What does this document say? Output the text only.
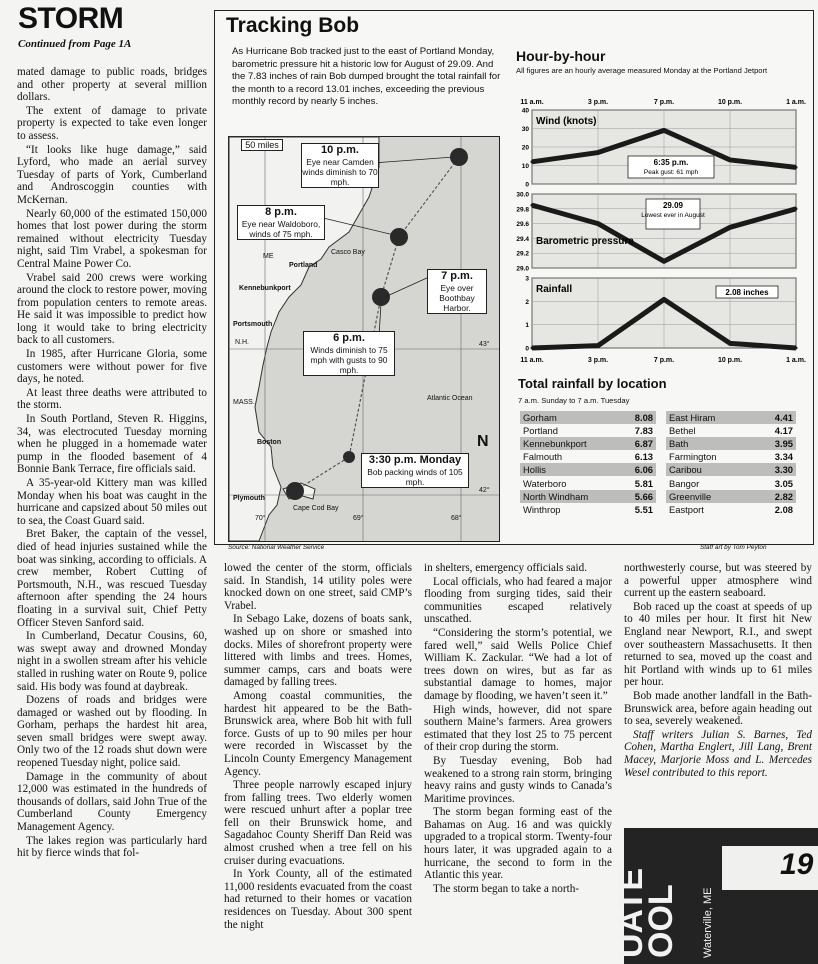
STORM
Continued from Page 1A

mated damage to public roads, bridges and other property at several million dollars.

The extent of damage to private property is expected to take even longer to assess.

“It looks like huge damage,” said Lyford, who made an aerial survey Tuesday of parts of York, Cumberland and Androscoggin counties with McKernan.

Nearly 60,000 of the estimated 150,000 homes that lost power during the storm remained without electricity Tuesday night, said Tim Vrabel, a spokesman for Central Maine Power Co.

Vrabel said 200 crews were working around the clock to restore power, moving from population centers to remote areas. He said it was impossible to predict how long it would take to bring electricity back to all customers.

In 1985, after Hurricane Gloria, some customers were without power for five days, he noted.

At least three deaths were attributed to the storm.

In South Portland, Steven R. Higgins, 34, was electrocuted Tuesday morning when he plugged in a homemade water pump in the flooded basement of 4 Bonnie Bank Terrace, fire officials said.

A 35-year-old Kittery man was killed Monday when his boat was caught in the hurricane and capsized about 50 miles out to sea, the Coast Guard said.

Bret Baker, the captain of the vessel, died of head injuries sustained while the boat was sinking, according to officials. A crew member, Robert Cutting of Portsmouth, N.H., was rescued Tuesday afternoon after spending the 24 hours floating in a survival suit, Chief Petty Officer Steven Sanford said.

In Cumberland, Decatur Cousins, 60, was swept away and drowned Monday night in a swollen stream after his vehicle stalled in rushing water on Route 9, police said. His body was found at daybreak.

Dozens of roads and bridges were damaged or washed out by flooding. In Gorham, perhaps the hardest hit area, seven small bridges were swept away. Only two of the 12 roads shut down were reopened Tuesday night, police said.

Damage in the community of about 12,000 was estimated in the hundreds of thousands of dollars, said John True of the Cumberland County Emergency Management Agency.

The lakes region was particularly hard hit by fierce winds that fol-

Tracking Bob
As Hurricane Bob tracked just to the east of Portland Monday, barometric pressure hit a historic low for August of 29.09. And the 7.83 inches of rain Bob dumped brought the total rainfall for the month to a record 13.01 inches, exceeding the previous monthly record by nearly 5 inches.
50 miles	10 p.m.
Eye near Camden winds diminish to 70 mph.
8 p.m.
Eye near Waldoboro, winds of 75 mph.
7 p.m.
Eye over Boothbay Harbor.
6 p.m.
Winds diminish to 75 mph with gusts to 90 mph.
3:30 p.m. Monday
Bob packing winds of 105 mph.
ME
Portland
Casco Bay
Kennebunkport
Portsmouth
N.H.
MASS.
Boston
Atlantic Ocean
Plymouth
Cape Cod Bay
43°
42°
70°	69°	68°
N
Hour-by-hour
All figures are an hourly average measured Monday at the Portland Jetport
11 a.m.
11 a.m.
3 p.m.
3 p.m.
7 p.m.
7 p.m.
10 p.m.
10 p.m.
1 a.m.
1 a.m.
40
30
20
10
0
Wind (knots)
30.0
29.8
29.6
29.4
29.2
29.0
Barometric pressure
3
2
1
0
Rainfall
6:35 p.m.
Peak gust: 61 mph
29.09
Lowest ever in August
2.08 inches
Total rainfall by location
7 a.m. Sunday to 7 a.m. Tuesday
Gorham	8.08
Portland	7.83
Kennebunkport	6.87
Falmouth	6.13
Hollis	6.06
Waterboro	5.81
North Windham	5.66
Winthrop	5.51
East Hiram	4.41
Bethel	4.17
Bath	3.95
Farmington	3.34
Caribou	3.30
Bangor	3.05
Greenville	2.82
Eastport	2.08
Source: National Weather Service	Staff art by Tom Peyton

lowed the center of the storm, officials said. In Standish, 14 utility poles were knocked down on one street, said CMP’s Vrabel.

In Sebago Lake, dozens of boats sank, washed up on shore or smashed into docks. Miles of shorefront property were littered with limbs and trees. Homes, summer camps, cars and boats were damaged by falling trees.

Among coastal communities, the hardest hit appeared to be the Bath-Brunswick area, where Bob hit with full force. Gusts of up to 90 miles per hour were recorded in Wiscasset by the Lincoln County Emergency Management Agency.

Three people narrowly escaped injury from falling trees. Two elderly women were rescued unhurt after a poplar tree fell on their Brunswick home, and Sagadahoc County Sheriff Dan Reid was almost crushed when a tree fell on his cruiser during evacuations.

In York County, all of the estimated 11,000 residents evacuated from the coast had returned to their homes or vacation residences on Tuesday. About 300 spent the night

in shelters, emergency officials said.

Local officials, who had feared a major flooding from surging tides, said their communities escaped relatively unscathed.

“Considering the storm’s potential, we fared well,” said Wells Police Chief William K. Zackular. “We had a lot of trees down on wires, but as far as substantial damage to homes, major damage by flooding, we haven’t seen it.”

High winds, however, did not spare southern Maine’s farmers. Area growers estimated that they lost 25 to 75 percent of their crop during the storm.

By Tuesday evening, Bob had weakened to a strong rain storm, bringing heavy rains and gusty winds to Canada’s Maritime provinces.

The storm began forming east of the Bahamas on Aug. 16 and was quickly upgraded to a tropical storm. Twenty-four hours later, it was upgraded again to a hurricane, the second to form in the Atlantic this year.

The storm began to take a north-

northwesterly course, but was steered by a powerful upper atmosphere wind current up the eastern seaboard.

Bob raced up the coast at speeds of up to 40 miles per hour. It first hit New England near Newport, R.I., and swept over southeastern Massachusetts. It then returned to sea, moved up the coast and hit Portland with winds up to 61 miles per hour.

Bob made another landfall in the Bath-Brunswick area, before again heading out to sea, severely weakened.

Staff writers Julian S. Barnes, Ted Cohen, Martha Englert, Jill Lang, Brent Macey, Marjorie Moss and L. Mercedes Wesel contributed to this report.

UATE OOL Waterville, ME
19
